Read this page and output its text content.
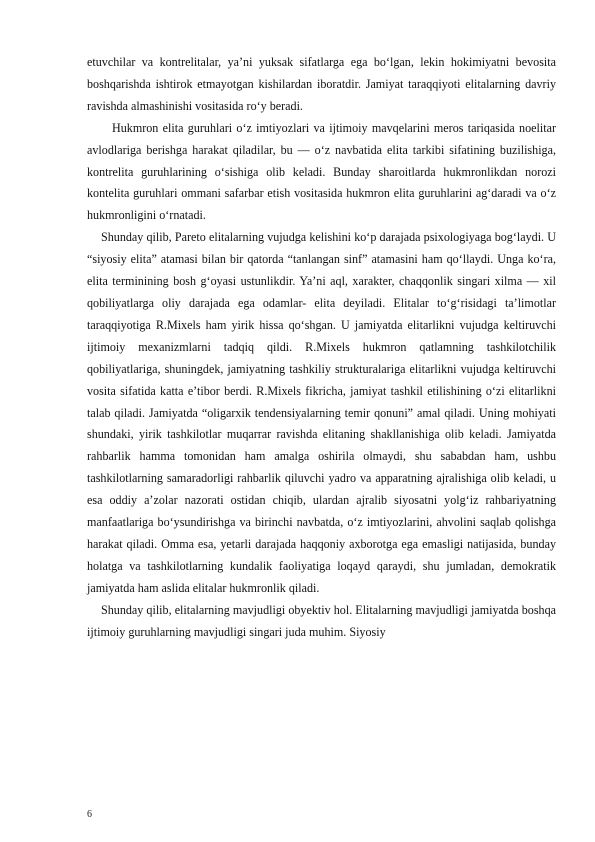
etuvchilar va kontrelitalar, ya’ni yuksak sifatlarga ega bo‘lgan, lekin hokimiyatni bevosita boshqarishda ishtirok etmayotgan kishilardan iboratdir. Jamiyat taraqqiyoti elitalarning davriy ravishda almashinishi vositasida ro‘y beradi.

Hukmron elita guruhlari o‘z imtiyozlari va ijtimoiy mavqelarini meros tariqasida noelitar avlodlariga berishga harakat qiladilar, bu — o‘z navbatida elita tarkibi sifatining buzilishiga, kontrelita guruhlarining o‘sishiga olib keladi. Bunday sharoitlarda hukmronlikdan norozi kontelita guruhlari ommani safarbar etish vositasida hukmron elita guruhlarini ag‘daradi va o‘z hukmronligini o‘rnatadi.

Shunday qilib, Pareto elitalarning vujudga kelishini ko‘p darajada psixologiyaga bog‘laydi. U “siyosiy elita” atamasi bilan bir qatorda “tanlangan sinf” atamasini ham qo‘llaydi. Unga ko‘ra, elita terminining bosh g‘oyasi ustunlikdir. Ya’ni aql, xarakter, chaqqonlik singari xilma — xil qobiliyatlarga oliy darajada ega odamlar- elita deyiladi. Elitalar to‘g‘risidagi ta’limotlar taraqqiyotiga R.Mixels ham yirik hissa qo‘shgan. U jamiyatda elitarlikni vujudga keltiruvchi ijtimoiy mexanizmlarni tadqiq qildi. R.Mixels hukmron qatlamning tashkilotchilik qobiliyatlariga, shuningdek, jamiyatning tashkiliy strukturalariga elitarlikni vujudga keltiruvchi vosita sifatida katta e’tibor berdi. R.Mixels fikricha, jamiyat tashkil etilishining o‘zi elitarlikni talab qiladi. Jamiyatda “oligarxik tendensiyalarning temir qonuni” amal qiladi. Uning mohiyati shundaki, yirik tashkilotlar muqarrar ravishda elitaning shakllanishiga olib keladi. Jamiyatda rahbarlik hamma tomonidan ham amalga oshirila olmaydi, shu sababdan ham, ushbu tashkilotlarning samaradorligi rahbarlik qiluvchi yadro va apparatning ajralishiga olib keladi, u esa oddiy a’zolar nazorati ostidan chiqib, ulardan ajralib siyosatni yolg‘iz rahbariyatning manfaatlariga bo‘ysundirishga va birinchi navbatda, o‘z imtiyozlarini, ahvolini saqlab qolishga harakat qiladi. Omma esa, yetarli darajada haqqoniy axborotga ega emasligi natijasida, bunday holatga va tashkilotlarning kundalik faoliyatiga loqayd qaraydi, shu jumladan, demokratik jamiyatda ham aslida elitalar hukmronlik qiladi.

Shunday qilib, elitalarning mavjudligi obyektiv hol. Elitalarning mavjudligi jamiyatda boshqa ijtimoiy guruhlarning mavjudligi singari juda muhim. Siyosiy

6
